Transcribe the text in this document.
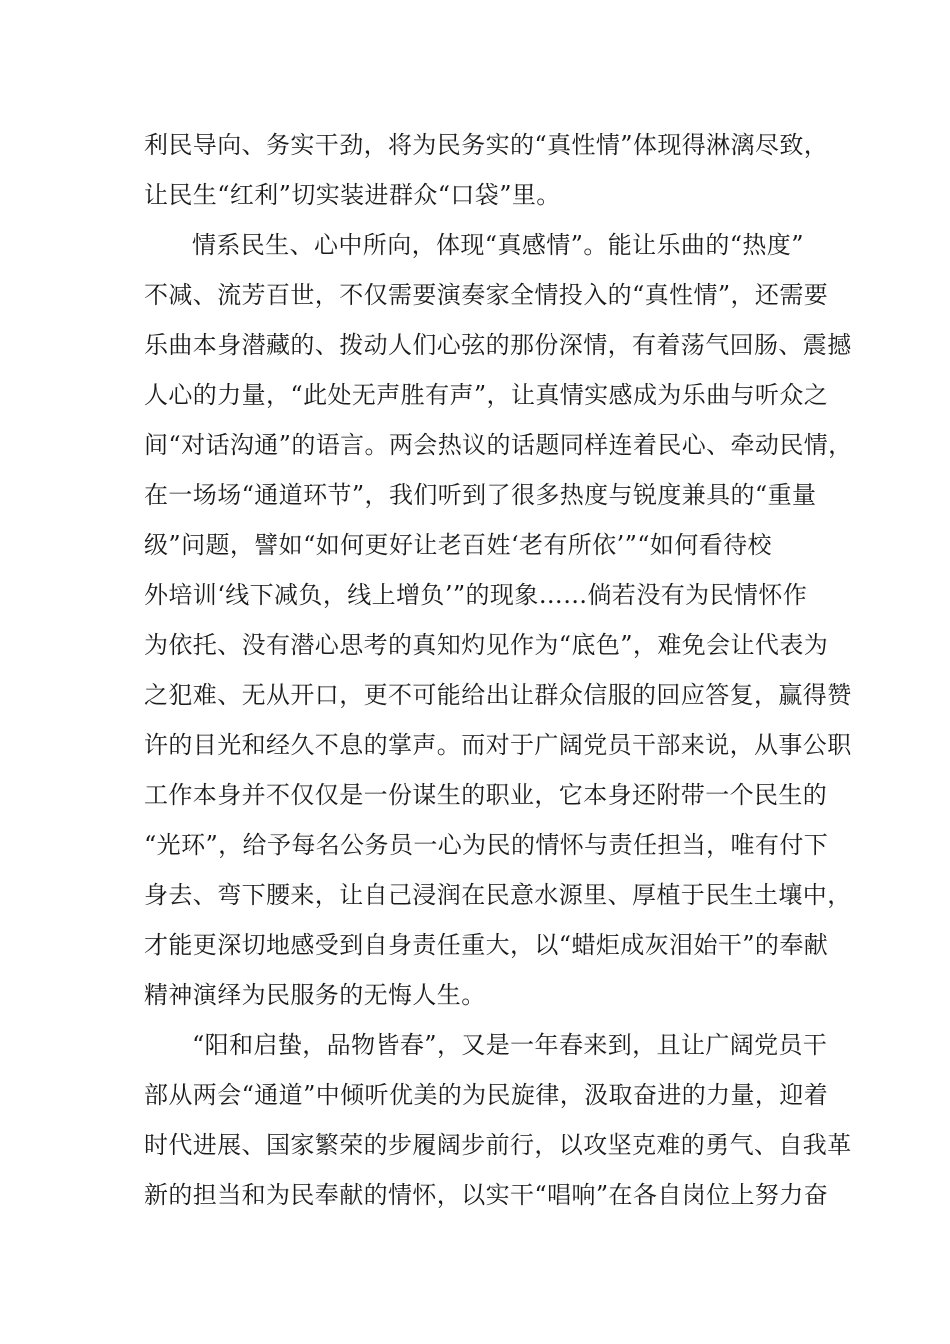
利民导向、务实干劲，将为民务实的“真性情”体现得淋漓尽致，
让民生“红利”切实装进群众“口袋”里。
情系民生、心中所向，体现“真感情”。能让乐曲的“热度”
不减、流芳百世，不仅需要演奏家全情投入的“真性情”，还需要
乐曲本身潜藏的、拨动人们心弦的那份深情，有着荡气回肠、震撼
人心的力量，“此处无声胜有声”，让真情实感成为乐曲与听众之
间“对话沟通”的语言。两会热议的话题同样连着民心、牵动民情，
在一场场“通道环节”，我们听到了很多热度与锐度兼具的“重量
级”问题，譬如“如何更好让老百姓‘老有所依’”“如何看待校
外培训‘线下减负，线上增负’”的现象……倘若没有为民情怀作
为依托、没有潜心思考的真知灼见作为“底色”，难免会让代表为
之犯难、无从开口，更不可能给出让群众信服的回应答复，赢得赞
许的目光和经久不息的掌声。而对于广阔党员干部来说，从事公职
工作本身并不仅仅是一份谋生的职业，它本身还附带一个民生的
“光环”，给予每名公务员一心为民的情怀与责任担当，唯有付下
身去、弯下腰来，让自己浸润在民意水源里、厚植于民生土壤中，
才能更深切地感受到自身责任重大，以“蜡炬成灰泪始干”的奉献
精神演绎为民服务的无悔人生。
“阳和启蛰，品物皆春”，又是一年春来到，且让广阔党员干
部从两会“通道”中倾听优美的为民旋律，汲取奋进的力量，迎着
时代进展、国家繁荣的步履阔步前行，以攻坚克难的勇气、自我革
新的担当和为民奉献的情怀，以实干“唱响”在各自岗位上努力奋
